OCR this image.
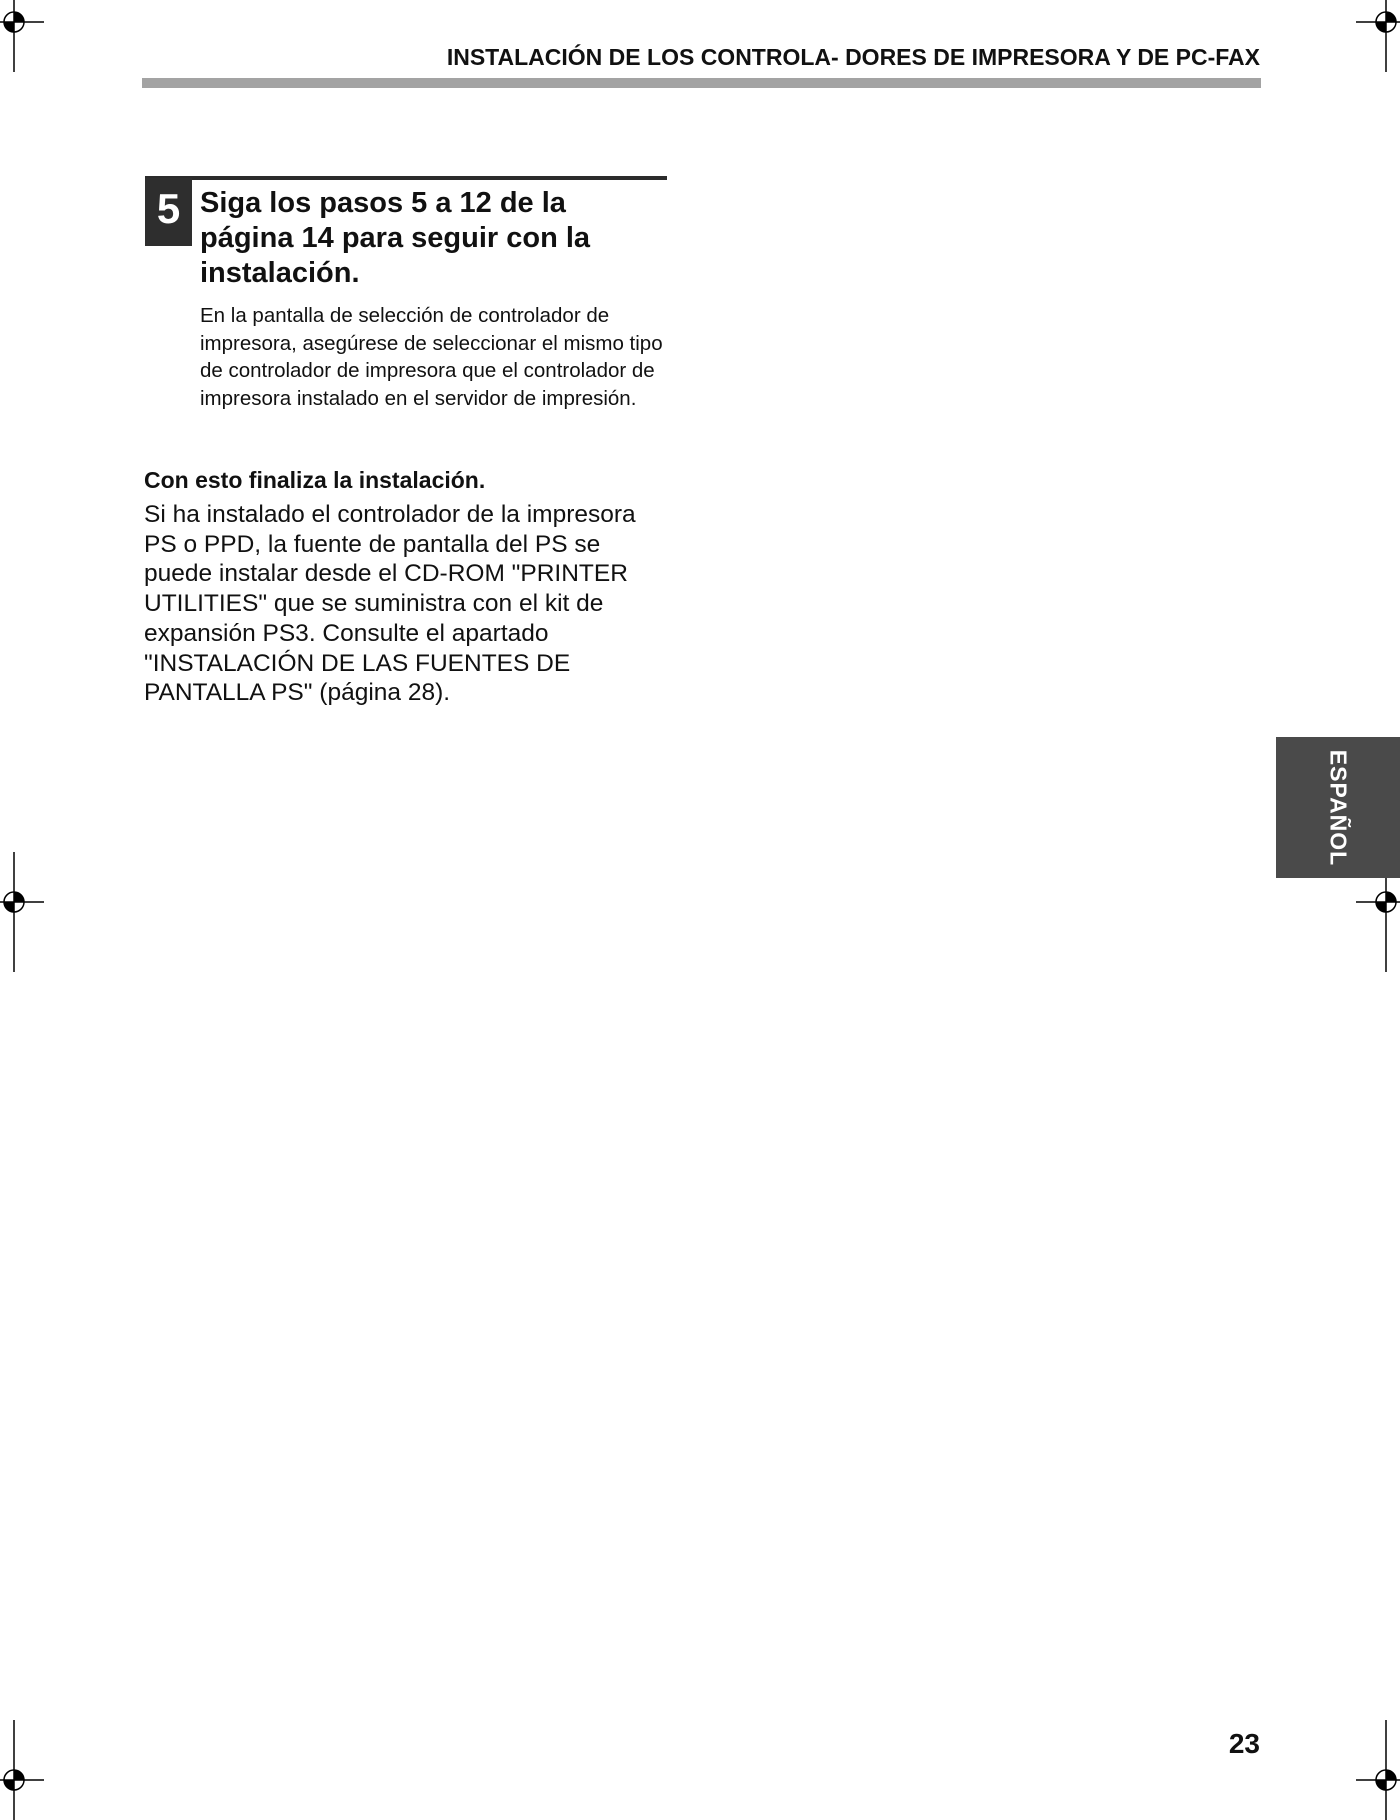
INSTALACIÓN DE LOS CONTROLA- DORES DE IMPRESORA Y DE PC-FAX
5 Siga los pasos 5 a 12 de la página 14 para seguir con la instalación.
En la pantalla de selección de controlador de impresora, asegúrese de seleccionar el mismo tipo de controlador de impresora que el controlador de impresora instalado en el servidor de impresión.
Con esto finaliza la instalación.
Si ha instalado el controlador de la impresora PS o PPD, la fuente de pantalla del PS se puede instalar desde el CD-ROM "PRINTER UTILITIES" que se suministra con el kit de expansión PS3. Consulte el apartado "INSTALACIÓN DE LAS FUENTES DE PANTALLA PS" (página 28).
ESPAÑOL
23
